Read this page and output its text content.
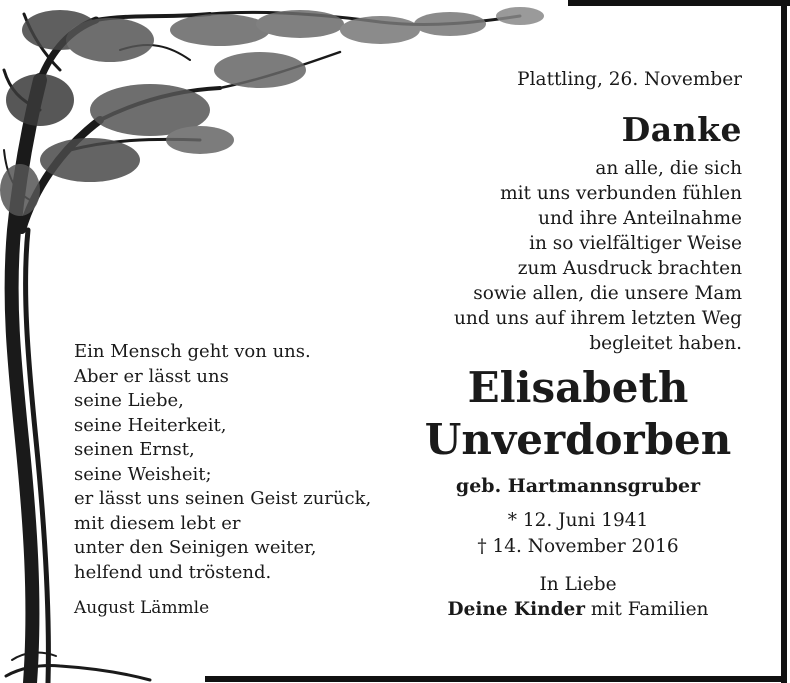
Plattling, 26. November
Danke
an alle, die sich
mit uns verbunden fühlen
und ihre Anteilnahme
in so vielfältiger Weise
zum Ausdruck brachten
sowie allen, die unsere Mam
und uns auf ihrem letzten Weg
begleitet haben.
Ein Mensch geht von uns.
Aber er lässt uns
seine Liebe,
seine Heiterkeit,
seinen Ernst,
seine Weisheit;
er lässt uns seinen Geist zurück,
mit diesem lebt er
unter den Seinigen weiter,
helfend und tröstend.
August Lämmle
Elisabeth
Unverdorben
geb. Hartmannsgruber
* 12. Juni 1941
† 14. November 2016
In Liebe
Deine Kinder mit Familien
